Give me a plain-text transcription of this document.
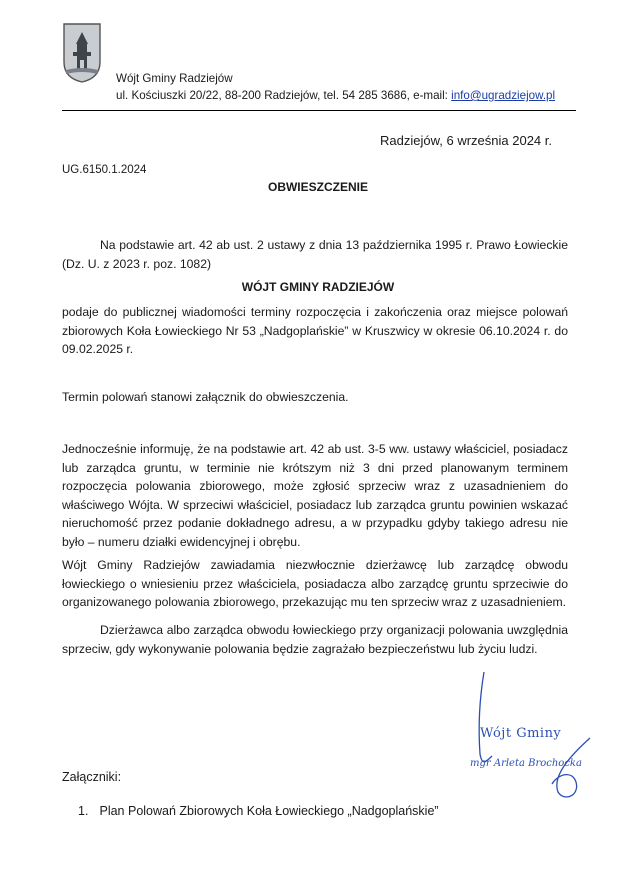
Wójt Gminy Radziejów
ul. Kościuszki 20/22, 88-200 Radziejów, tel. 54 285 3686, e-mail: info@ugradziejow.pl
Radziejów, 6 września 2024 r.
UG.6150.1.2024
OBWIESZCZENIE

Na podstawie art. 42 ab ust. 2 ustawy z dnia 13 października 1995 r. Prawo Łowieckie (Dz. U. z 2023 r. poz. 1082)

WÓJT GMINY RADZIEJÓW

podaje do publicznej wiadomości terminy rozpoczęcia i zakończenia oraz miejsce polowań zbiorowych Koła Łowieckiego Nr 53 „Nadgoplańskie” w Kruszwicy w okresie 06.10.2024 r. do 09.02.2025 r.

Termin polowań stanowi załącznik do obwieszczenia.

Jednocześnie informuję, że na podstawie art. 42 ab ust. 3-5 ww. ustawy właściciel, posiadacz lub zarządca gruntu, w terminie nie krótszym niż 3 dni przed planowanym terminem rozpoczęcia polowania zbiorowego, może zgłosić sprzeciw wraz z uzasadnieniem do właściwego Wójta. W sprzeciwi właściciel, posiadacz lub zarządca gruntu powinien wskazać nieruchomość przez podanie dokładnego adresu, a w przypadku gdyby takiego adresu nie było – numeru działki ewidencyjnej i obrębu.

Wójt Gminy Radziejów zawiadamia niezwłocznie dzierżawcę lub zarządcę obwodu łowieckiego o wniesieniu przez właściciela, posiadacza albo zarządcę gruntu sprzeciwie do organizowanego polowania zbiorowego, przekazując mu ten sprzeciw wraz z uzasadnieniem.

Dzierżawca albo zarządca obwodu łowieckiego przy organizacji polowania uwzględnia sprzeciw, gdy wykonywanie polowania będzie zagrażało bezpieczeństwu lub życiu ludzi.

Wójt Gminy
mgr Arleta Brochocka
Załączniki:
1. Plan Polowań Zbiorowych Koła Łowieckiego „Nadgoplańskie”
